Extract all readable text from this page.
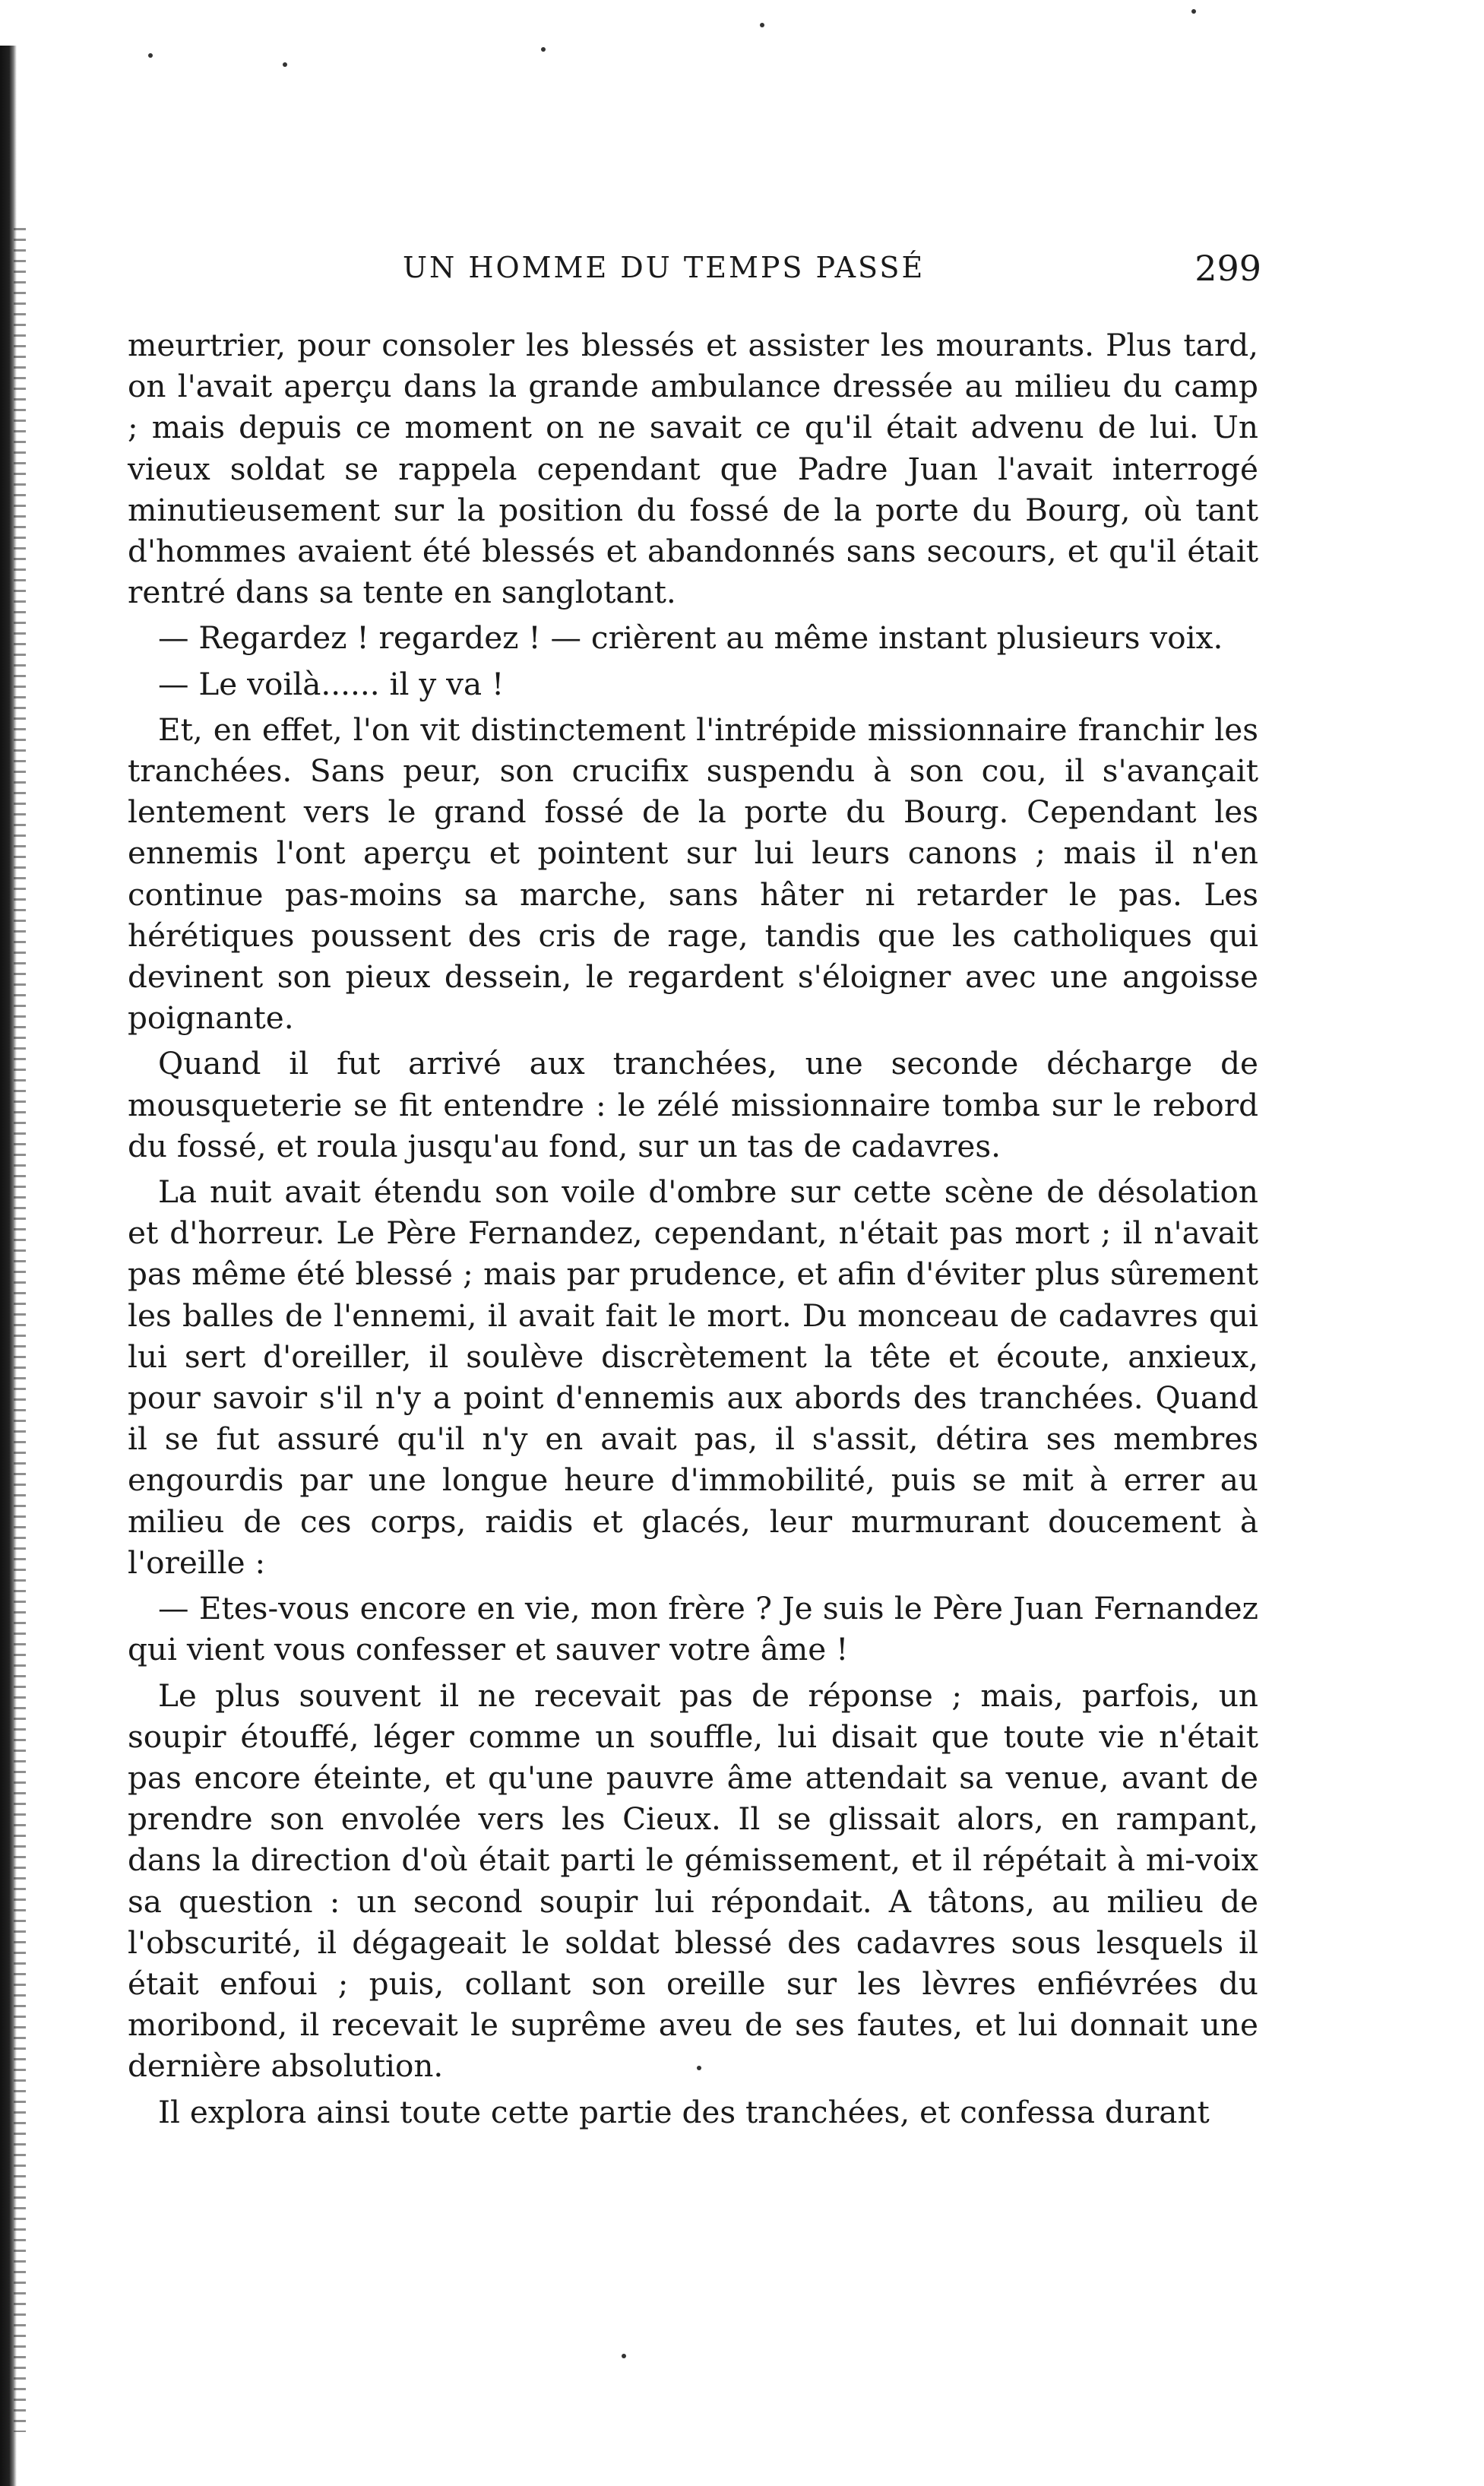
UN HOMME DU TEMPS PASSÉ	299

meurtrier, pour consoler les blessés et assister les mourants. Plus tard, on l'avait aperçu dans la grande ambulance dressée au milieu du camp ; mais depuis ce moment on ne savait ce qu'il était advenu de lui. Un vieux soldat se rappela cependant que Padre Juan l'avait interrogé minutieusement sur la position du fossé de la porte du Bourg, où tant d'hommes avaient été blessés et abandonnés sans secours, et qu'il était rentré dans sa tente en sanglotant.

— Regardez ! regardez ! — crièrent au même instant plusieurs voix.

— Le voilà...... il y va !

Et, en effet, l'on vit distinctement l'intrépide missionnaire franchir les tranchées. Sans peur, son crucifix suspendu à son cou, il s'avançait lentement vers le grand fossé de la porte du Bourg. Cependant les ennemis l'ont aperçu et pointent sur lui leurs canons ; mais il n'en continue pas-moins sa marche, sans hâter ni retarder le pas. Les hérétiques poussent des cris de rage, tandis que les catholiques qui devinent son pieux dessein, le regardent s'éloigner avec une angoisse poignante.

Quand il fut arrivé aux tranchées, une seconde décharge de mousqueterie se fit entendre : le zélé missionnaire tomba sur le rebord du fossé, et roula jusqu'au fond, sur un tas de cadavres.

La nuit avait étendu son voile d'ombre sur cette scène de désolation et d'horreur. Le Père Fernandez, cependant, n'était pas mort ; il n'avait pas même été blessé ; mais par prudence, et afin d'éviter plus sûrement les balles de l'ennemi, il avait fait le mort. Du monceau de cadavres qui lui sert d'oreiller, il soulève discrètement la tête et écoute, anxieux, pour savoir s'il n'y a point d'ennemis aux abords des tranchées. Quand il se fut assuré qu'il n'y en avait pas, il s'assit, détira ses membres engourdis par une longue heure d'immobilité, puis se mit à errer au milieu de ces corps, raidis et glacés, leur murmurant doucement à l'oreille :

— Etes-vous encore en vie, mon frère ? Je suis le Père Juan Fernandez qui vient vous confesser et sauver votre âme !

Le plus souvent il ne recevait pas de réponse ; mais, parfois, un soupir étouffé, léger comme un souffle, lui disait que toute vie n'était pas encore éteinte, et qu'une pauvre âme attendait sa venue, avant de prendre son envolée vers les Cieux. Il se glissait alors, en rampant, dans la direction d'où était parti le gémissement, et il répétait à mi-voix sa question : un second soupir lui répondait. A tâtons, au milieu de l'obscurité, il dégageait le soldat blessé des cadavres sous lesquels il était enfoui ; puis, collant son oreille sur les lèvres enfiévrées du moribond, il recevait le suprême aveu de ses fautes, et lui donnait une dernière absolution.

Il explora ainsi toute cette partie des tranchées, et confessa durant
